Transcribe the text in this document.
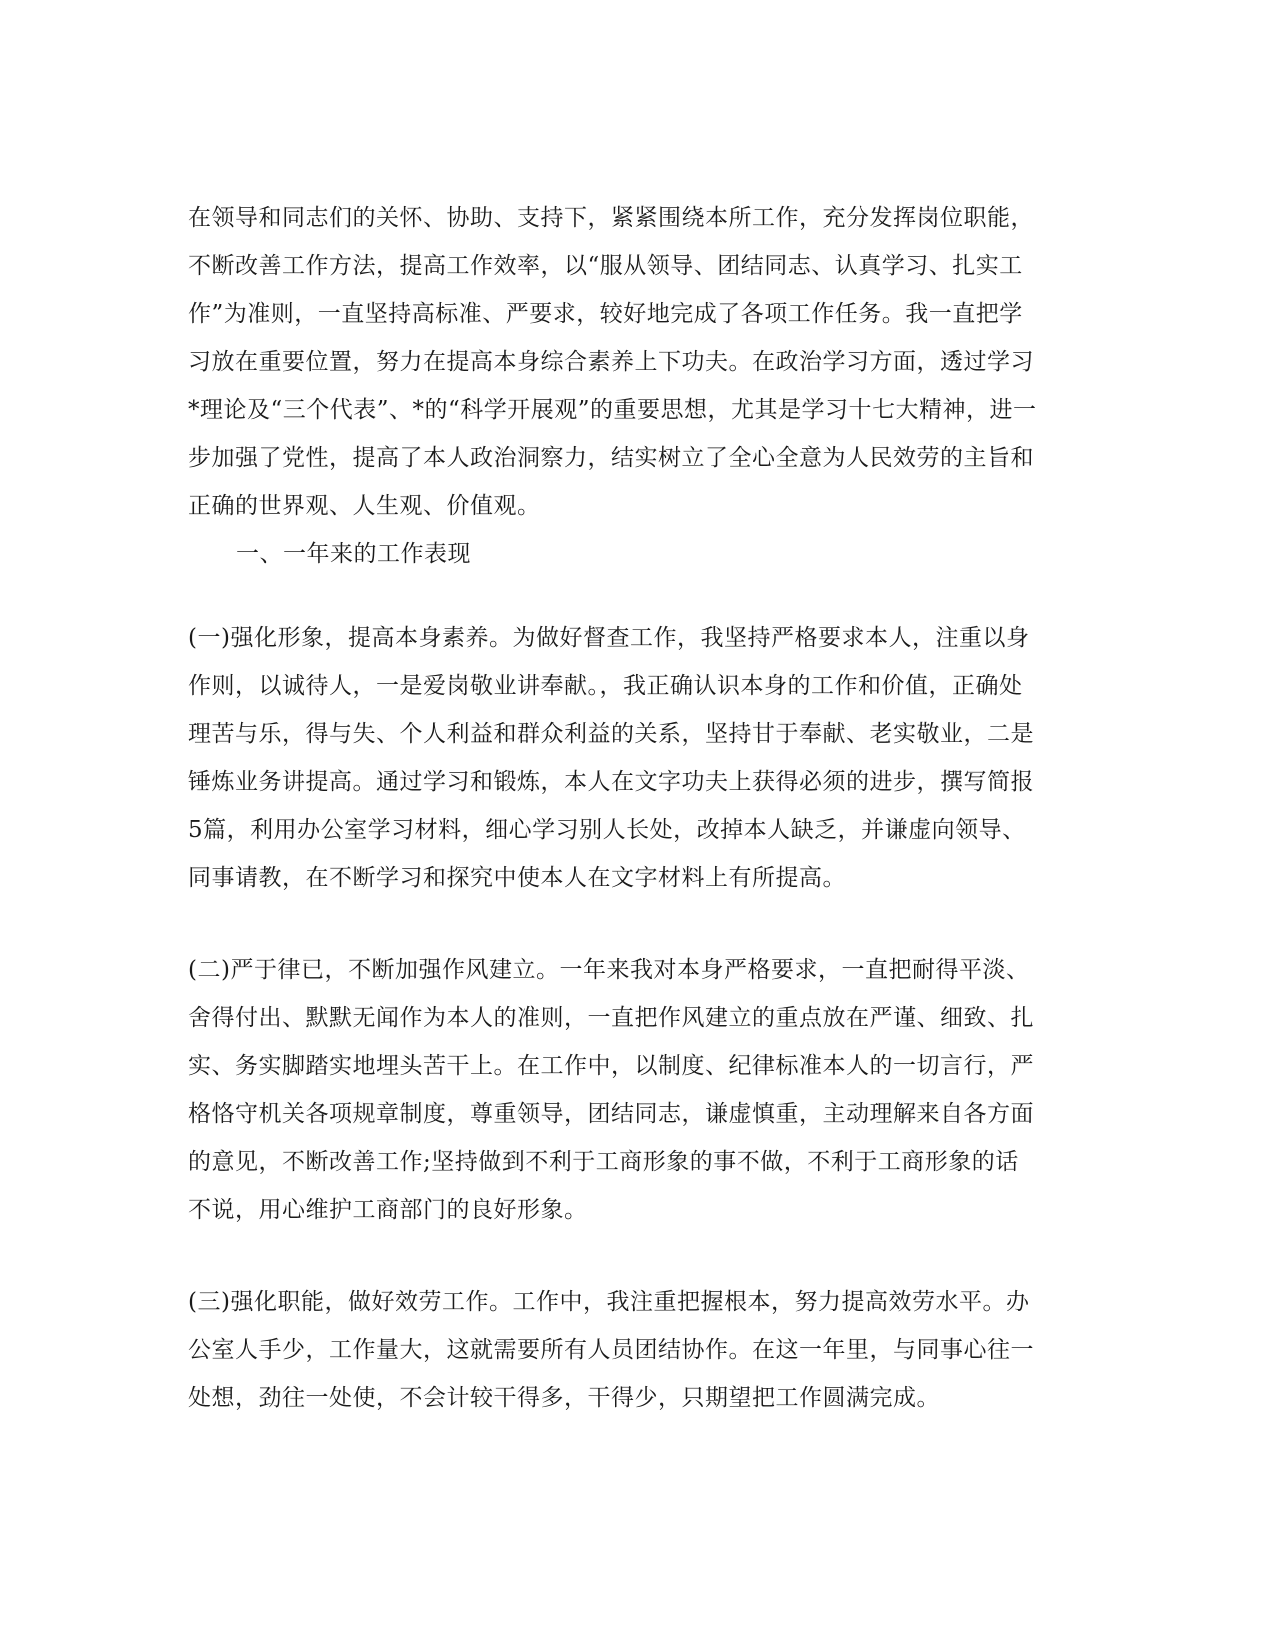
在领导和同志们的关怀、协助、支持下，紧紧围绕本所工作，充分发挥岗位职能，
不断改善工作方法，提高工作效率，以“服从领导、团结同志、认真学习、扎实工
作”为准则，一直坚持高标准、严要求，较好地完成了各项工作任务。我一直把学
习放在重要位置，努力在提高本身综合素养上下功夫。在政治学习方面，透过学习
*理论及“三个代表”、*的“科学开展观”的重要思想，尤其是学习十七大精神，进一
步加强了党性，提高了本人政治洞察力，结实树立了全心全意为人民效劳的主旨和
正确的世界观、人生观、价值观。
一、一年来的工作表现
(一)强化形象，提高本身素养。为做好督查工作，我坚持严格要求本人，注重以身
作则，以诚待人，一是爱岗敬业讲奉献。，我正确认识本身的工作和价值，正确处
理苦与乐，得与失、个人利益和群众利益的关系，坚持甘于奉献、老实敬业，二是
锤炼业务讲提高。通过学习和锻炼，本人在文字功夫上获得必须的进步，撰写简报
5篇，利用办公室学习材料，细心学习别人长处，改掉本人缺乏，并谦虚向领导、
同事请教，在不断学习和探究中使本人在文字材料上有所提高。
(二)严于律已，不断加强作风建立。一年来我对本身严格要求，一直把耐得平淡、
舍得付出、默默无闻作为本人的准则，一直把作风建立的重点放在严谨、细致、扎
实、务实脚踏实地埋头苦干上。在工作中，以制度、纪律标准本人的一切言行，严
格恪守机关各项规章制度，尊重领导，团结同志，谦虚慎重，主动理解来自各方面
的意见，不断改善工作;坚持做到不利于工商形象的事不做，不利于工商形象的话
不说，用心维护工商部门的良好形象。
(三)强化职能，做好效劳工作。工作中，我注重把握根本，努力提高效劳水平。办
公室人手少，工作量大，这就需要所有人员团结协作。在这一年里，与同事心往一
处想，劲往一处使，不会计较干得多，干得少，只期望把工作圆满完成。
